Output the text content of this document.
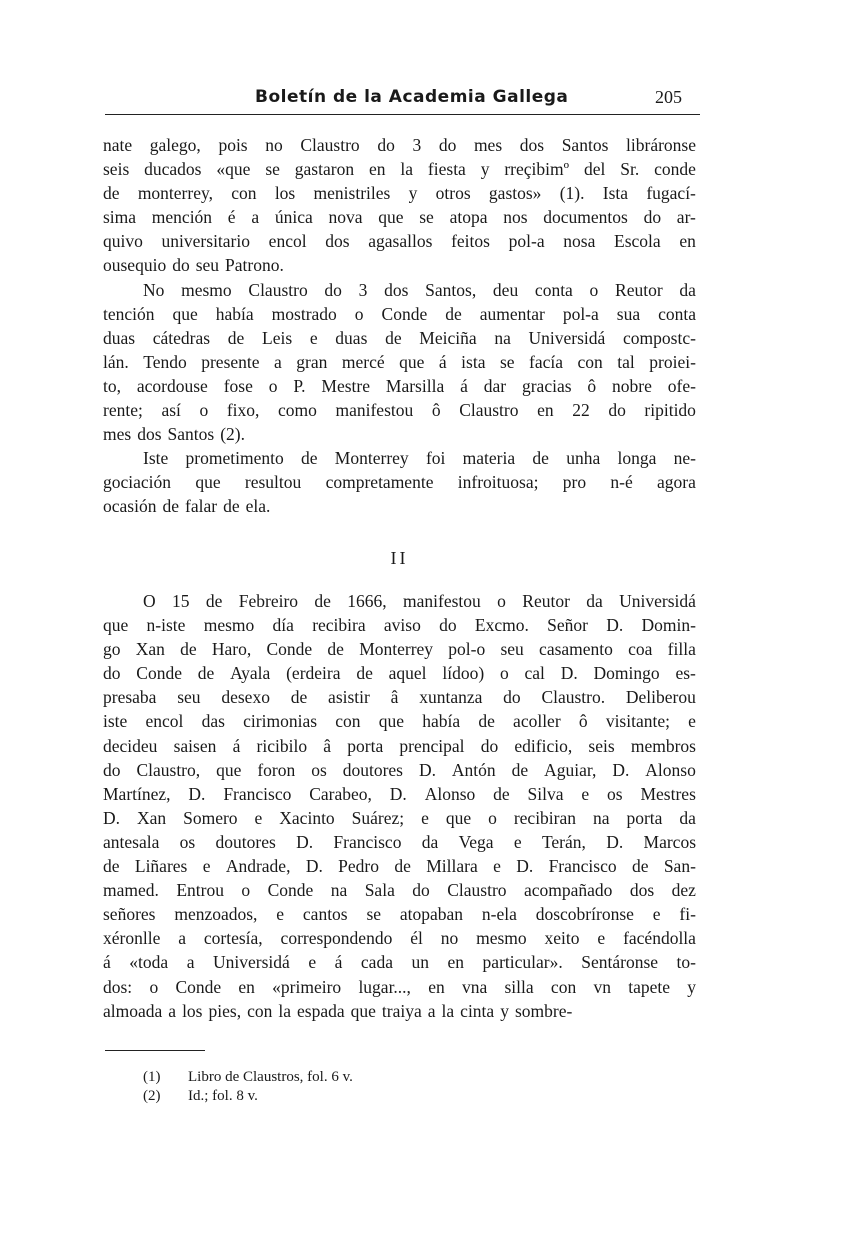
Boletín de la Academia Gallega	205
nate galego, pois no Claustro do 3 do mes dos Santos libráronse
seis ducados «que se gastaron en la fiesta y rreçibimº del Sr. conde
de monterrey, con los menistriles y otros gastos» (1). Ista fugací-
sima mención é a única nova que se atopa nos documentos do ar-
quivo universitario encol dos agasallos feitos pol-a nosa Escola en
ousequio do seu Patrono.
No mesmo Claustro do 3 dos Santos, deu conta o Reutor da
tención que había mostrado o Conde de aumentar pol-a sua conta
duas cátedras de Leis e duas de Meiciña na Universidá compostc-
lán. Tendo presente a gran mercé que á ista se facía con tal proiei-
to, acordouse fose o P. Mestre Marsilla á dar gracias ô nobre ofe-
rente; así o fixo, como manifestou ô Claustro en 22 do ripitido
mes dos Santos (2).
Iste prometimento de Monterrey foi materia de unha longa ne-
gociación que resultou compretamente infroituosa; pro n-é agora
ocasión de falar de ela.
II
O 15 de Febreiro de 1666, manifestou o Reutor da Universidá
que n-iste mesmo día recibira aviso do Excmo. Señor D. Domin-
go Xan de Haro, Conde de Monterrey pol-o seu casamento coa filla
do Conde de Ayala (erdeira de aquel lídoo) o cal D. Domingo es-
presaba seu desexo de asistir â xuntanza do Claustro. Deliberou
iste encol das cirimonias con que había de acoller ô visitante; e
decideu saisen á ricibilo â porta prencipal do edificio, seis membros
do Claustro, que foron os doutores D. Antón de Aguiar, D. Alonso
Martínez, D. Francisco Carabeo, D. Alonso de Silva e os Mestres
D. Xan Somero e Xacinto Suárez; e que o recibiran na porta da
antesala os doutores D. Francisco da Vega e Terán, D. Marcos
de Liñares e Andrade, D. Pedro de Millara e D. Francisco de San-
mamed. Entrou o Conde na Sala do Claustro acompañado dos dez
señores menzoados, e cantos se atopaban n-ela doscobríronse e fi-
xéronlle a cortesía, correspondendo él no mesmo xeito e facéndolla
á «toda a Universidá e á cada un en particular». Sentáronse to-
dos: o Conde en «primeiro lugar..., en vna silla con vn tapete y
almoada a los pies, con la espada que traiya a la cinta y sombre-
(1) Libro de Claustros, fol. 6 v.
(2) Id.; fol. 8 v.
